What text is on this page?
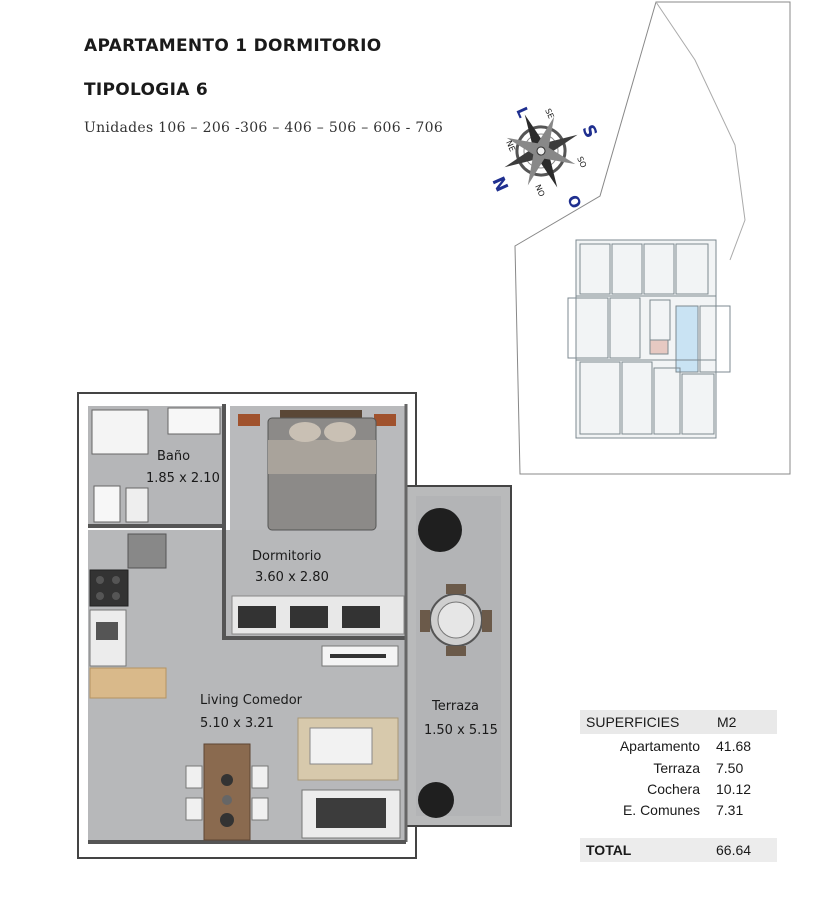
APARTAMENTO 1 DORMITORIO
TIPOLOGIA 6
Unidades 106 – 206 -306 – 406 – 506 – 606 - 706	S
L
O
N
SE
NE
SO
NO
Baño
1.85 x 2.10
Dormitorio
3.60 x 2.80
Living Comedor
5.10 x 3.21
Terraza
1.50 x 5.15
SUPERFICIES	M2
Apartamento 41.68
Terraza 7.50
Cochera 10.12
E. Comunes 7.31
TOTAL	66.64
